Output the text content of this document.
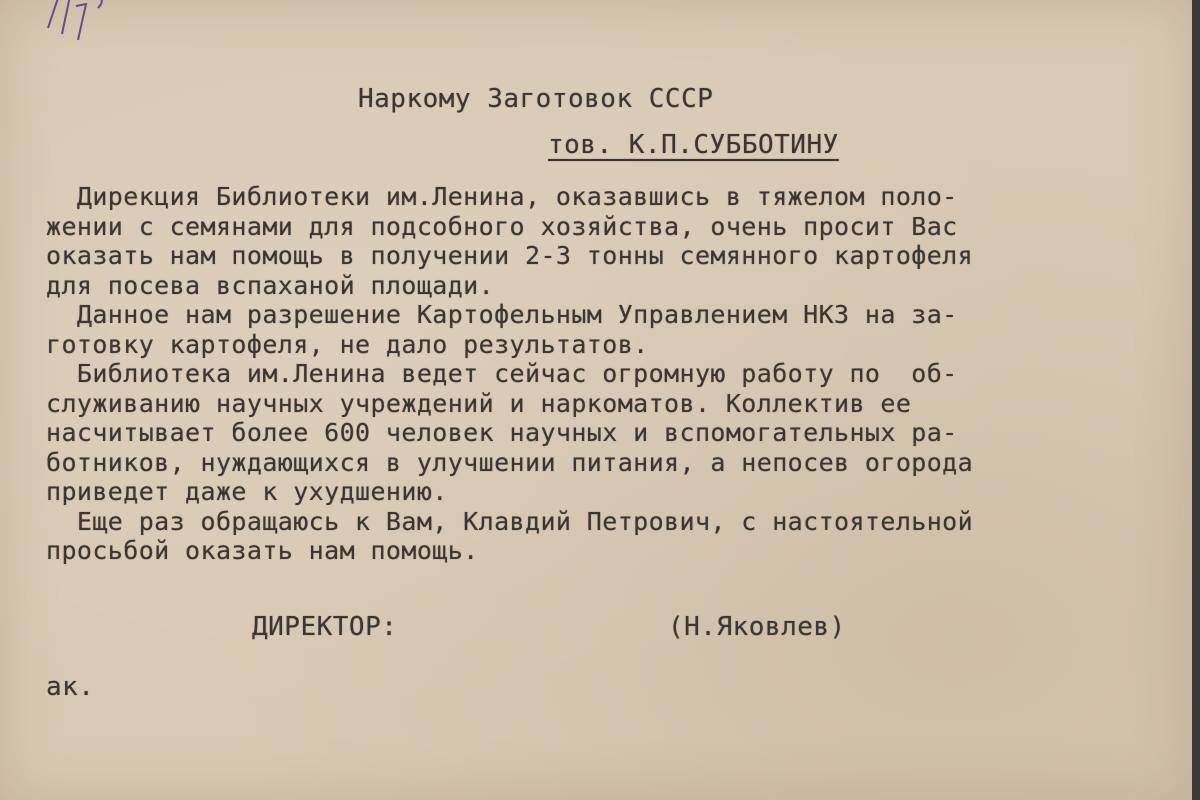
Наркому Заготовок СССР
тов. К.П.СУББОТИНУ
Дирекция Библиотеки им.Ленина, оказавшись в тяжелом поло-
жении с семянами для подсобного хозяйства, очень просит Вас
оказать нам помощь в получении 2-3 тонны семянного картофеля
для посева вспаханой площади.
Данное нам разрешение Картофельным Управлением НКЗ на за-
готовку картофеля, не дало результатов.
Библиотека им.Ленина ведет сейчас огромную работу по  об-
служиванию научных учреждений и наркоматов. Коллектив ее
насчитывает более 600 человек научных и вспомогательных ра-
ботников, нуждающихся в улучшении питания, а непосев огорода
приведет даже к ухудшению.
Еще раз обращаюсь к Вам, Клавдий Петрович, с настоятельной
просьбой оказать нам помощь.
ДИРЕКТОР:	(Н.Яковлев)
ак.
